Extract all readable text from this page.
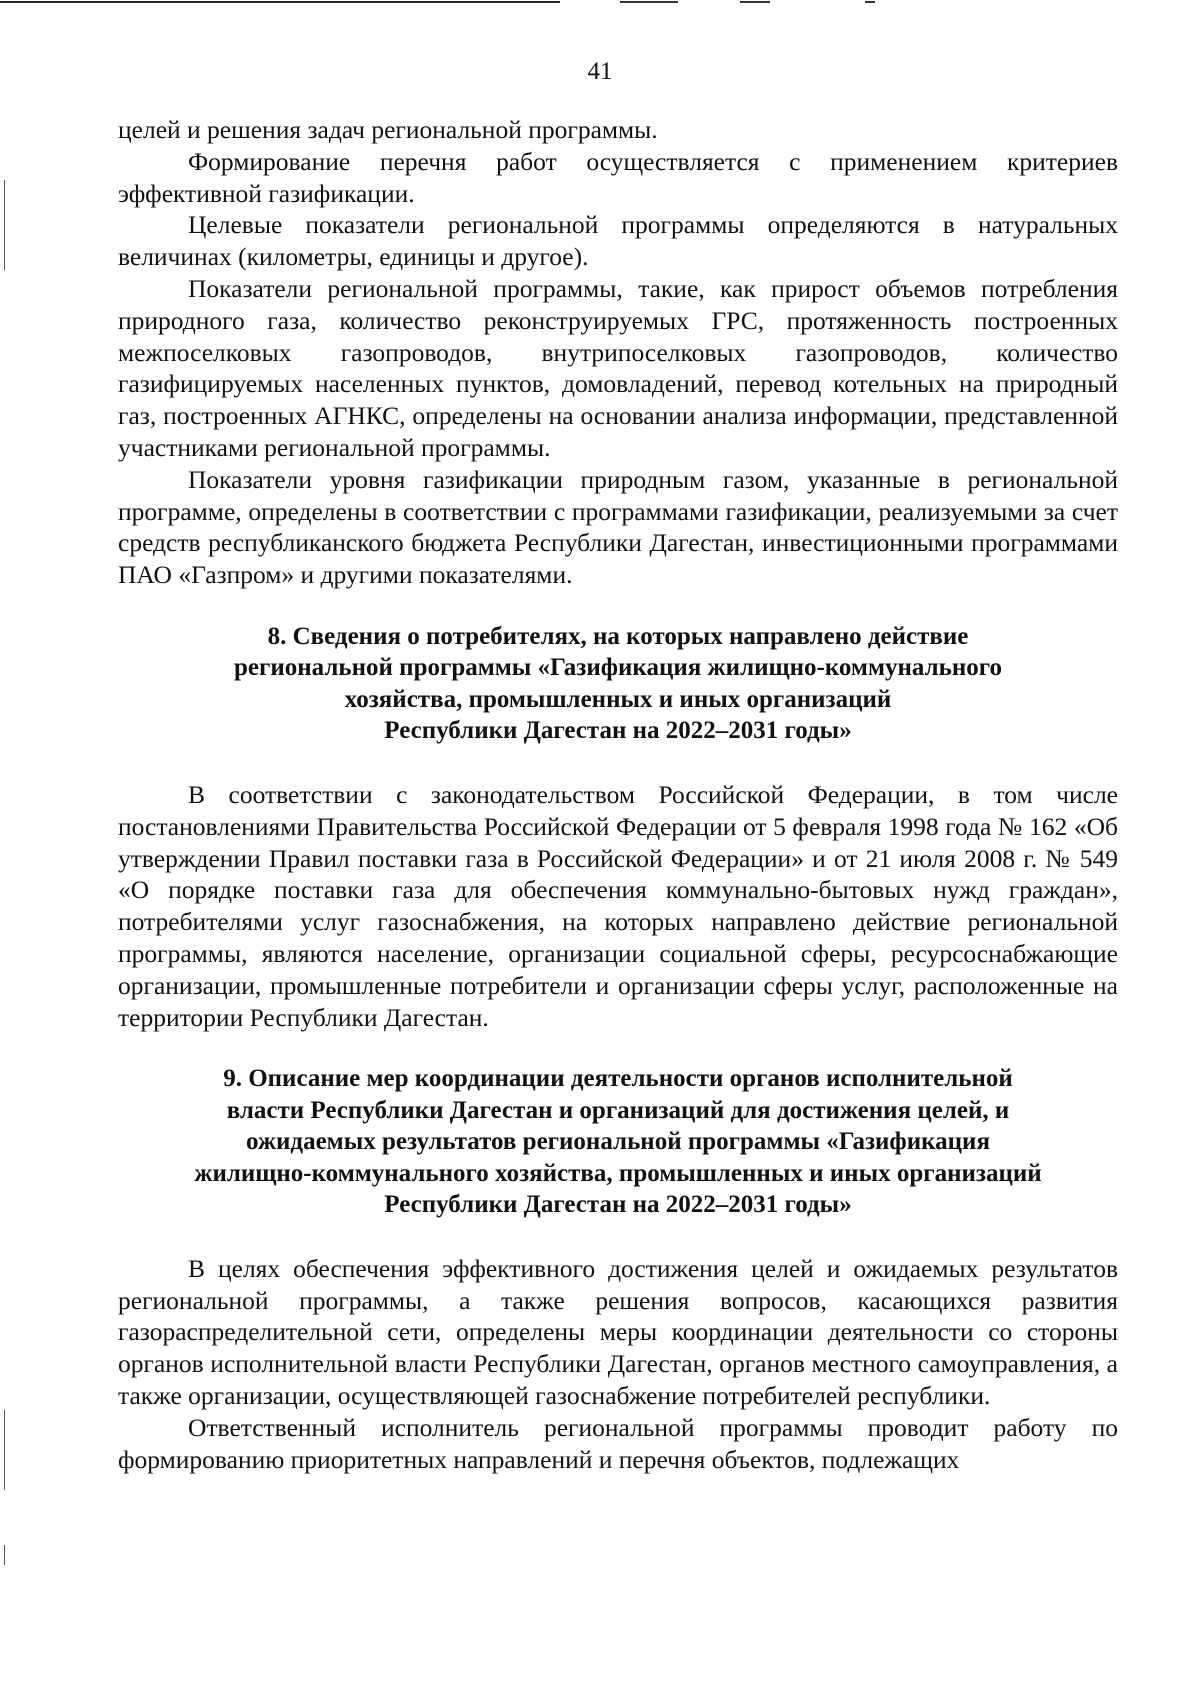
41

целей и решения задач региональной программы.

Формирование перечня работ осуществляется с применением критериев эффективной газификации.

Целевые показатели региональной программы определяются в натуральных величинах (километры, единицы и другое).

Показатели региональной программы, такие, как прирост объемов потребления природного газа, количество реконструируемых ГРС, протяженность построенных межпоселковых газопроводов, внутрипоселковых газопроводов, количество газифицируемых населенных пунктов, домовладений, перевод котельных на природный газ, построенных АГНКС, определены на основании анализа информации, представленной участниками региональной программы.

Показатели уровня газификации природным газом, указанные в региональной программе, определены в соответствии с программами газификации, реализуемыми за счет средств республиканского бюджета Республики Дагестан, инвестиционными программами ПАО «Газпром» и другими показателями.

8. Сведения о потребителях, на которых направлено действие
региональной программы «Газификация жилищно-коммунального
хозяйства, промышленных и иных организаций
Республики Дагестан на 2022–2031 годы»

В соответствии с законодательством Российской Федерации, в том числе постановлениями Правительства Российской Федерации от 5 февраля 1998 года № 162 «Об утверждении Правил поставки газа в Российской Федерации» и от 21 июля 2008 г. № 549 «О порядке поставки газа для обеспечения коммунально-бытовых нужд граждан», потребителями услуг газоснабжения, на которых направлено действие региональной программы, являются население, организации социальной сферы, ресурсоснабжающие организации, промышленные потребители и организации сферы услуг, расположенные на территории Республики Дагестан.

9. Описание мер координации деятельности органов исполнительной
власти Республики Дагестан и организаций для достижения целей, и
ожидаемых результатов региональной программы «Газификация
жилищно-коммунального хозяйства, промышленных и иных организаций
Республики Дагестан на 2022–2031 годы»

В целях обеспечения эффективного достижения целей и ожидаемых результатов региональной программы, а также решения вопросов, касающихся развития газораспределительной сети, определены меры координации деятельности со стороны органов исполнительной власти Республики Дагестан, органов местного самоуправления, а также организации, осуществляющей газоснабжение потребителей республики.

Ответственный исполнитель региональной программы проводит работу по формированию приоритетных направлений и перечня объектов, подлежащих
